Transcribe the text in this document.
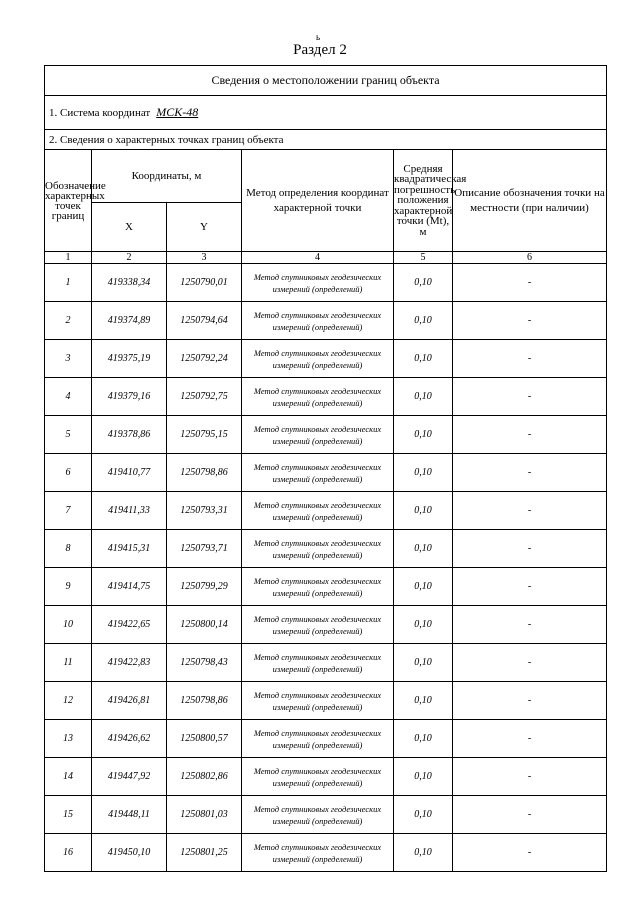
ь
Раздел 2
Сведения о местоположении границ объекта					
1. Система координат МСК-48					
2. Сведения о характерных точках границ объекта					
Обозначение характерных точек границ	Координаты, м		Метод определения координат характерной точки	Средняя квадратическая погрешность положения характерной точки (Mt), м	Описание обозначения точки на местности (при наличии)
	X	Y			
1	2	3	4	5	6
1	419338,34	1250790,01	Метод спутниковых геодезических измерений (определений)	0,10	-
2	419374,89	1250794,64	Метод спутниковых геодезических измерений (определений)	0,10	-
3	419375,19	1250792,24	Метод спутниковых геодезических измерений (определений)	0,10	-
4	419379,16	1250792,75	Метод спутниковых геодезических измерений (определений)	0,10	-
5	419378,86	1250795,15	Метод спутниковых геодезических измерений (определений)	0,10	-
6	419410,77	1250798,86	Метод спутниковых геодезических измерений (определений)	0,10	-
7	419411,33	1250793,31	Метод спутниковых геодезических измерений (определений)	0,10	-
8	419415,31	1250793,71	Метод спутниковых геодезических измерений (определений)	0,10	-
9	419414,75	1250799,29	Метод спутниковых геодезических измерений (определений)	0,10	-
10	419422,65	1250800,14	Метод спутниковых геодезических измерений (определений)	0,10	-
11	419422,83	1250798,43	Метод спутниковых геодезических измерений (определений)	0,10	-
12	419426,81	1250798,86	Метод спутниковых геодезических измерений (определений)	0,10	-
13	419426,62	1250800,57	Метод спутниковых геодезических измерений (определений)	0,10	-
14	419447,92	1250802,86	Метод спутниковых геодезических измерений (определений)	0,10	-
15	419448,11	1250801,03	Метод спутниковых геодезических измерений (определений)	0,10	-
16	419450,10	1250801,25	Метод спутниковых геодезических измерений (определений)	0,10	-
